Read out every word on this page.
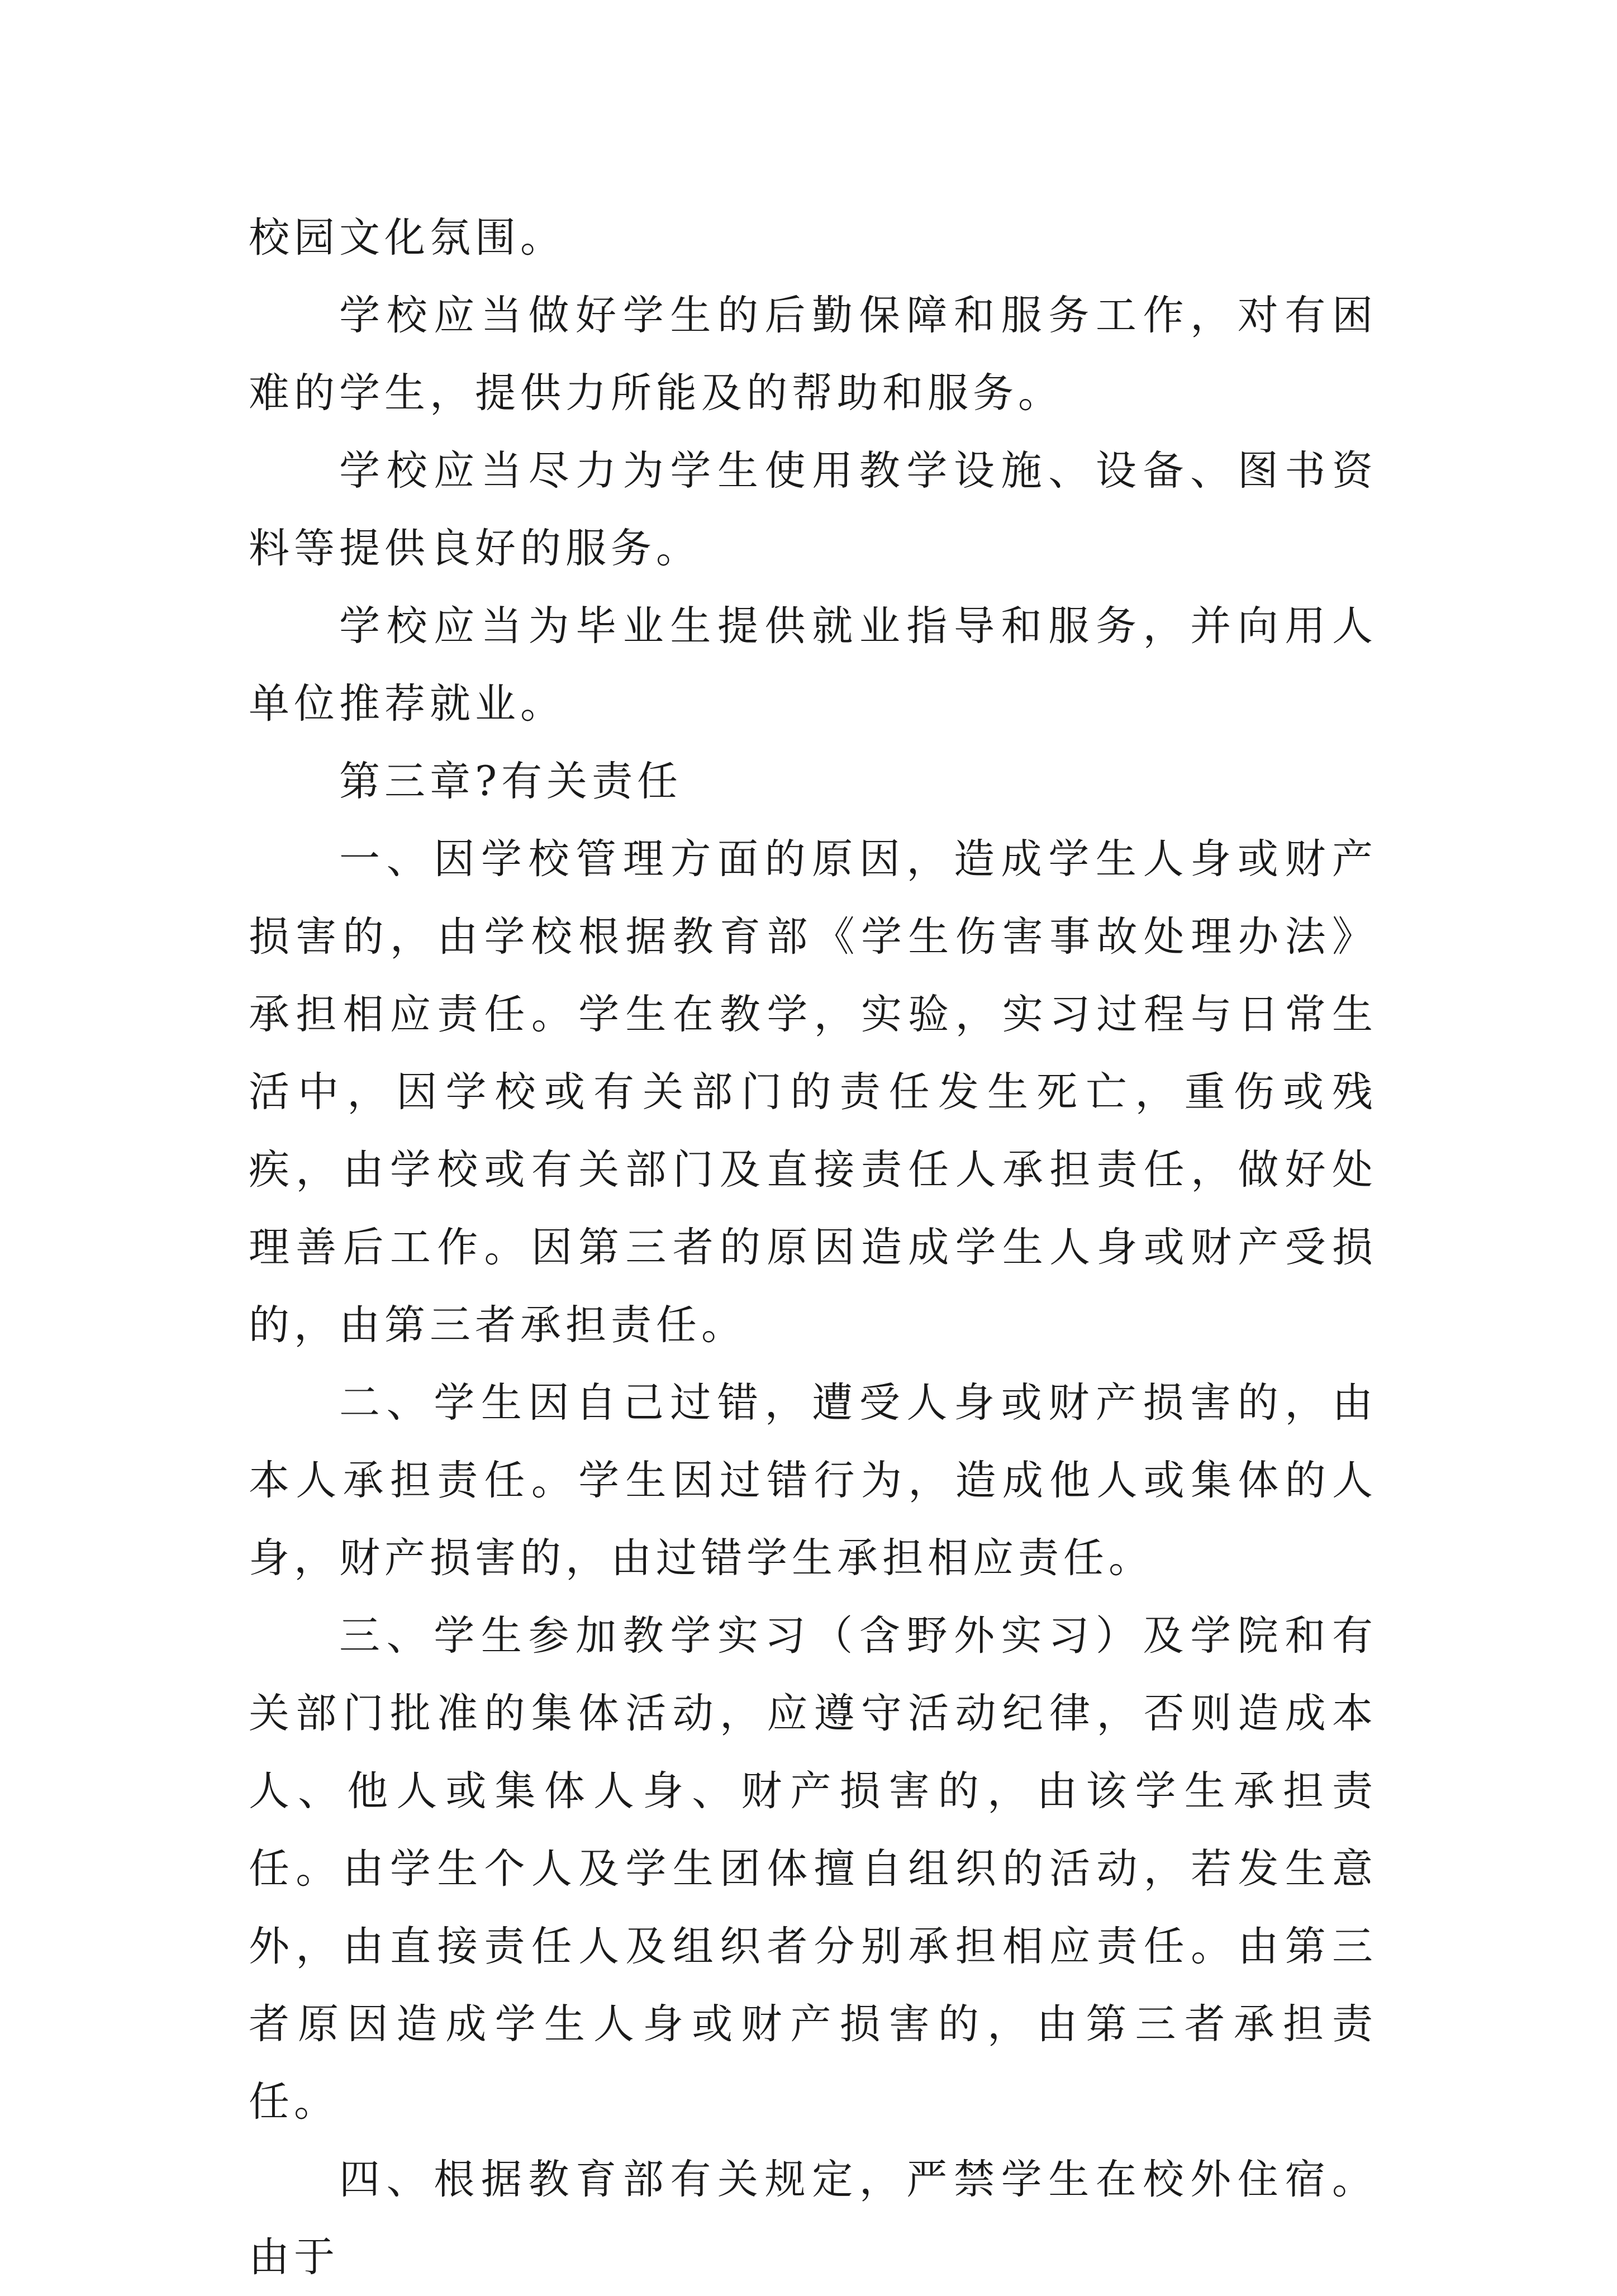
校园文化氛围。

学校应当做好学生的后勤保障和服务工作，对有困难的学生，提供力所能及的帮助和服务。

学校应当尽力为学生使用教学设施、设备、图书资料等提供良好的服务。

学校应当为毕业生提供就业指导和服务，并向用人单位推荐就业。

第三章?有关责任

一、因学校管理方面的原因，造成学生人身或财产损害的，由学校根据教育部《学生伤害事故处理办法》承担相应责任。学生在教学，实验，实习过程与日常生活中，因学校或有关部门的责任发生死亡，重伤或残疾，由学校或有关部门及直接责任人承担责任，做好处理善后工作。因第三者的原因造成学生人身或财产受损的，由第三者承担责任。

二、学生因自己过错，遭受人身或财产损害的，由本人承担责任。学生因过错行为，造成他人或集体的人身，财产损害的，由过错学生承担相应责任。

三、学生参加教学实习（含野外实习）及学院和有关部门批准的集体活动，应遵守活动纪律，否则造成本人、他人或集体人身、财产损害的，由该学生承担责任。由学生个人及学生团体擅自组织的活动，若发生意外，由直接责任人及组织者分别承担相应责任。由第三者原因造成学生人身或财产损害的，由第三者承担责任。

四、根据教育部有关规定，严禁学生在校外住宿。由于
